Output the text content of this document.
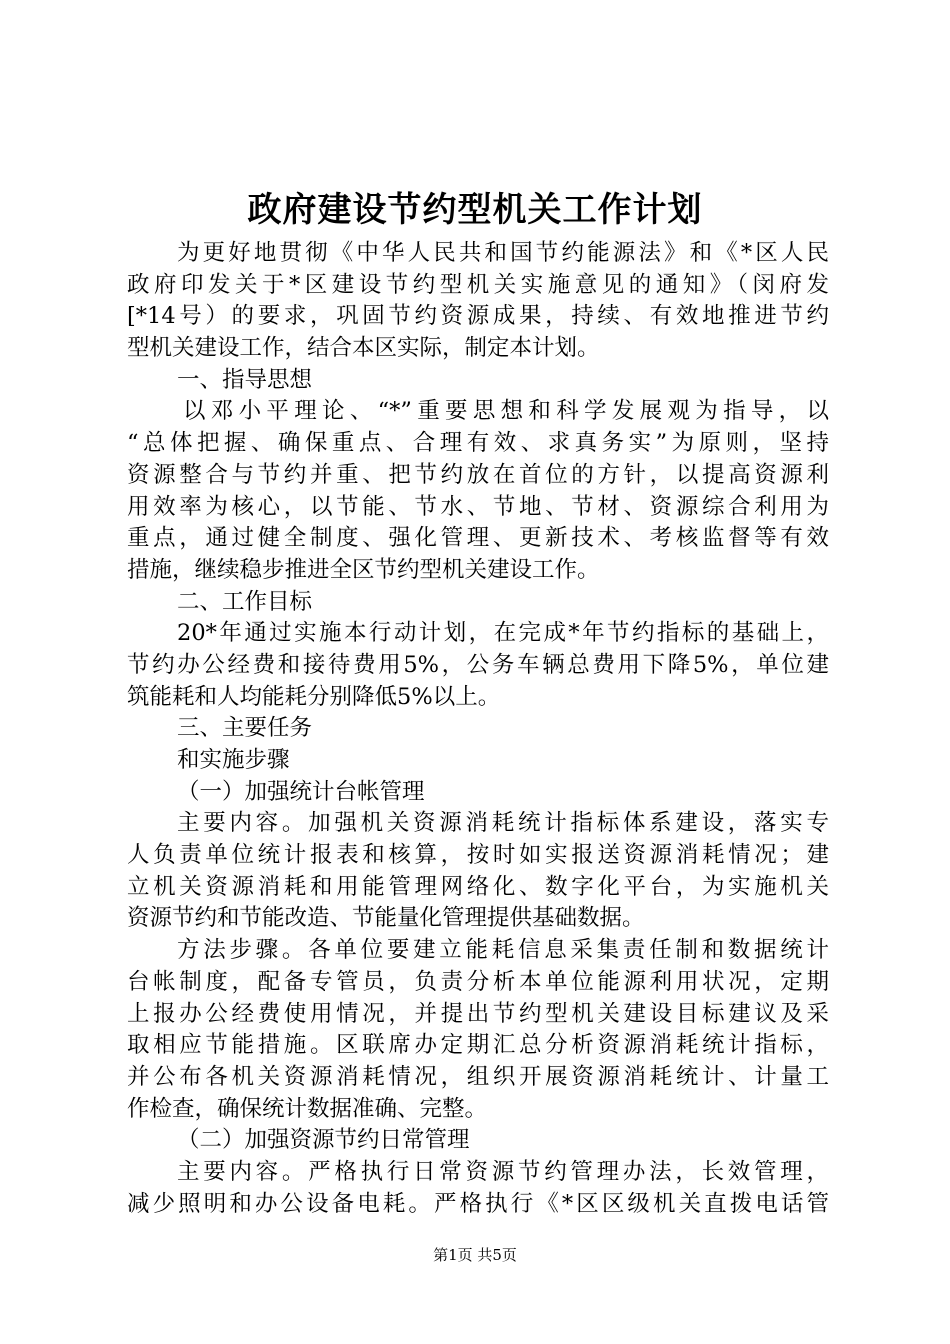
政府建设节约型机关工作计划
为更好地贯彻《中华人民共和国节约能源法》和《*区人民
政府印发关于*区建设节约型机关实施意见的通知》（闵府发
[*14号）的要求，巩固节约资源成果，持续、有效地推进节约
型机关建设工作，结合本区实际，制定本计划。
一、指导思想
以邓小平理论、“*”重要思想和科学发展观为指导，以
“总体把握、确保重点、合理有效、求真务实”为原则，坚持
资源整合与节约并重、把节约放在首位的方针，以提高资源利
用效率为核心，以节能、节水、节地、节材、资源综合利用为
重点，通过健全制度、强化管理、更新技术、考核监督等有效
措施，继续稳步推进全区节约型机关建设工作。
二、工作目标
20*年通过实施本行动计划，在完成*年节约指标的基础上，
节约办公经费和接待费用5%，公务车辆总费用下降5%，单位建
筑能耗和人均能耗分别降低5%以上。
三、主要任务
和实施步骤
（一）加强统计台帐管理
主要内容。加强机关资源消耗统计指标体系建设，落实专
人负责单位统计报表和核算，按时如实报送资源消耗情况；建
立机关资源消耗和用能管理网络化、数字化平台，为实施机关
资源节约和节能改造、节能量化管理提供基础数据。
方法步骤。各单位要建立能耗信息采集责任制和数据统计
台帐制度，配备专管员，负责分析本单位能源利用状况，定期
上报办公经费使用情况，并提出节约型机关建设目标建议及采
取相应节能措施。区联席办定期汇总分析资源消耗统计指标，
并公布各机关资源消耗情况，组织开展资源消耗统计、计量工
作检查，确保统计数据准确、完整。
（二）加强资源节约日常管理
主要内容。严格执行日常资源节约管理办法，长效管理，
减少照明和办公设备电耗。严格执行《*区区级机关直拨电话管
第1页 共5页
